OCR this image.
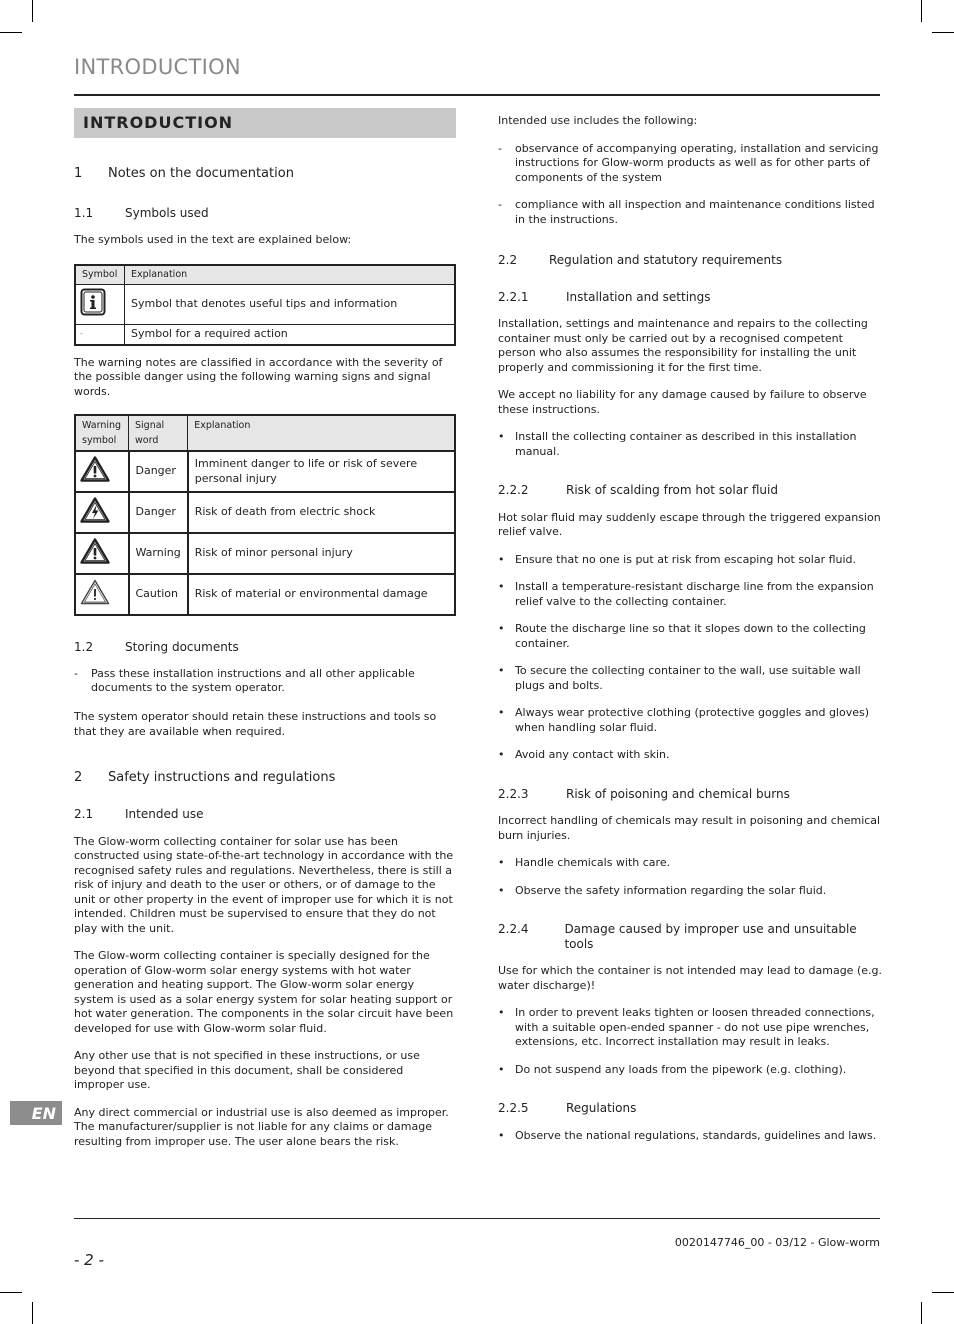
INTRODUCTION
INTRODUCTION
1	Notes on the documentation
1.1	Symbols used

The symbols used in the text are explained below:

Symbol	Explanation
	Symbol that denotes useful tips and information
-	Symbol for a required action

The warning notes are classified in accordance with the severity of the possible danger using the following warning signs and signal words.

Warning symbol	Signal word	Explanation
	Danger	Imminent danger to life or risk of severe personal injury
	Danger	Risk of death from electric shock
	Warning	Risk of minor personal injury
	Caution	Risk of material or environmental damage
1.2	Storing documents
-	Pass these installation instructions and all other applicable documents to the system operator.

The system operator should retain these instructions and tools so that they are available when required.

2	Safety instructions and regulations
2.1	Intended use

The Glow-worm collecting container for solar use has been constructed using state-of-the-art technology in accordance with the recognised safety rules and regulations. Nevertheless, there is still a risk of injury and death to the user or others, or of damage to the unit or other property in the event of improper use for which it is not intended. Children must be supervised to ensure that they do not play with the unit.

The Glow-worm collecting container is specially designed for the operation of Glow-worm solar energy systems with hot water generation and heating support. The Glow-worm solar energy system is used as a solar energy system for solar heating support or hot water generation. The components in the solar circuit have been developed for use with Glow-worm solar fluid.

Any other use that is not specified in these instructions, or use beyond that specified in this document, shall be considered improper use.

Any direct commercial or industrial use is also deemed as improper. The manufacturer/supplier is not liable for any claims or damage resulting from improper use. The user alone bears the risk.

Intended use includes the following:

-	observance of accompanying operating, installation and servicing instructions for Glow-worm products as well as for other parts of components of the system
-	compliance with all inspection and maintenance conditions listed in the instructions.
2.2	Regulation and statutory requirements
2.2.1	Installation and settings

Installation, settings and maintenance and repairs to the collecting container must only be carried out by a recognised competent person who also assumes the responsibility for installing the unit properly and commissioning it for the first time.

We accept no liability for any damage caused by failure to observe these instructions.

• Install the collecting container as described in this installation manual.
2.2.2	Risk of scalding from hot solar fluid

Hot solar fluid may suddenly escape through the triggered expansion relief valve.

• Ensure that no one is put at risk from escaping hot solar fluid.
• Install a temperature-resistant discharge line from the expansion relief valve to the collecting container.
• Route the discharge line so that it slopes down to the collecting container.
• To secure the collecting container to the wall, use suitable wall plugs and bolts.
• Always wear protective clothing (protective goggles and gloves) when handling solar fluid.
• Avoid any contact with skin.
2.2.3	Risk of poisoning and chemical burns

Incorrect handling of chemicals may result in poisoning and chemical burn injuries.

• Handle chemicals with care.
• Observe the safety information regarding the solar fluid.
2.2.4	Damage caused by improper use and unsuitable tools

Use for which the container is not intended may lead to damage (e.g. water discharge)!

• In order to prevent leaks tighten or loosen threaded connections, with a suitable open-ended spanner - do not use pipe wrenches, extensions, etc. Incorrect installation may result in leaks.
• Do not suspend any loads from the pipework (e.g. clothing).
2.2.5	Regulations
• Observe the national regulations, standards, guidelines and laws.
EN
0020147746_00 - 03/12 - Glow-worm
- 2 -
